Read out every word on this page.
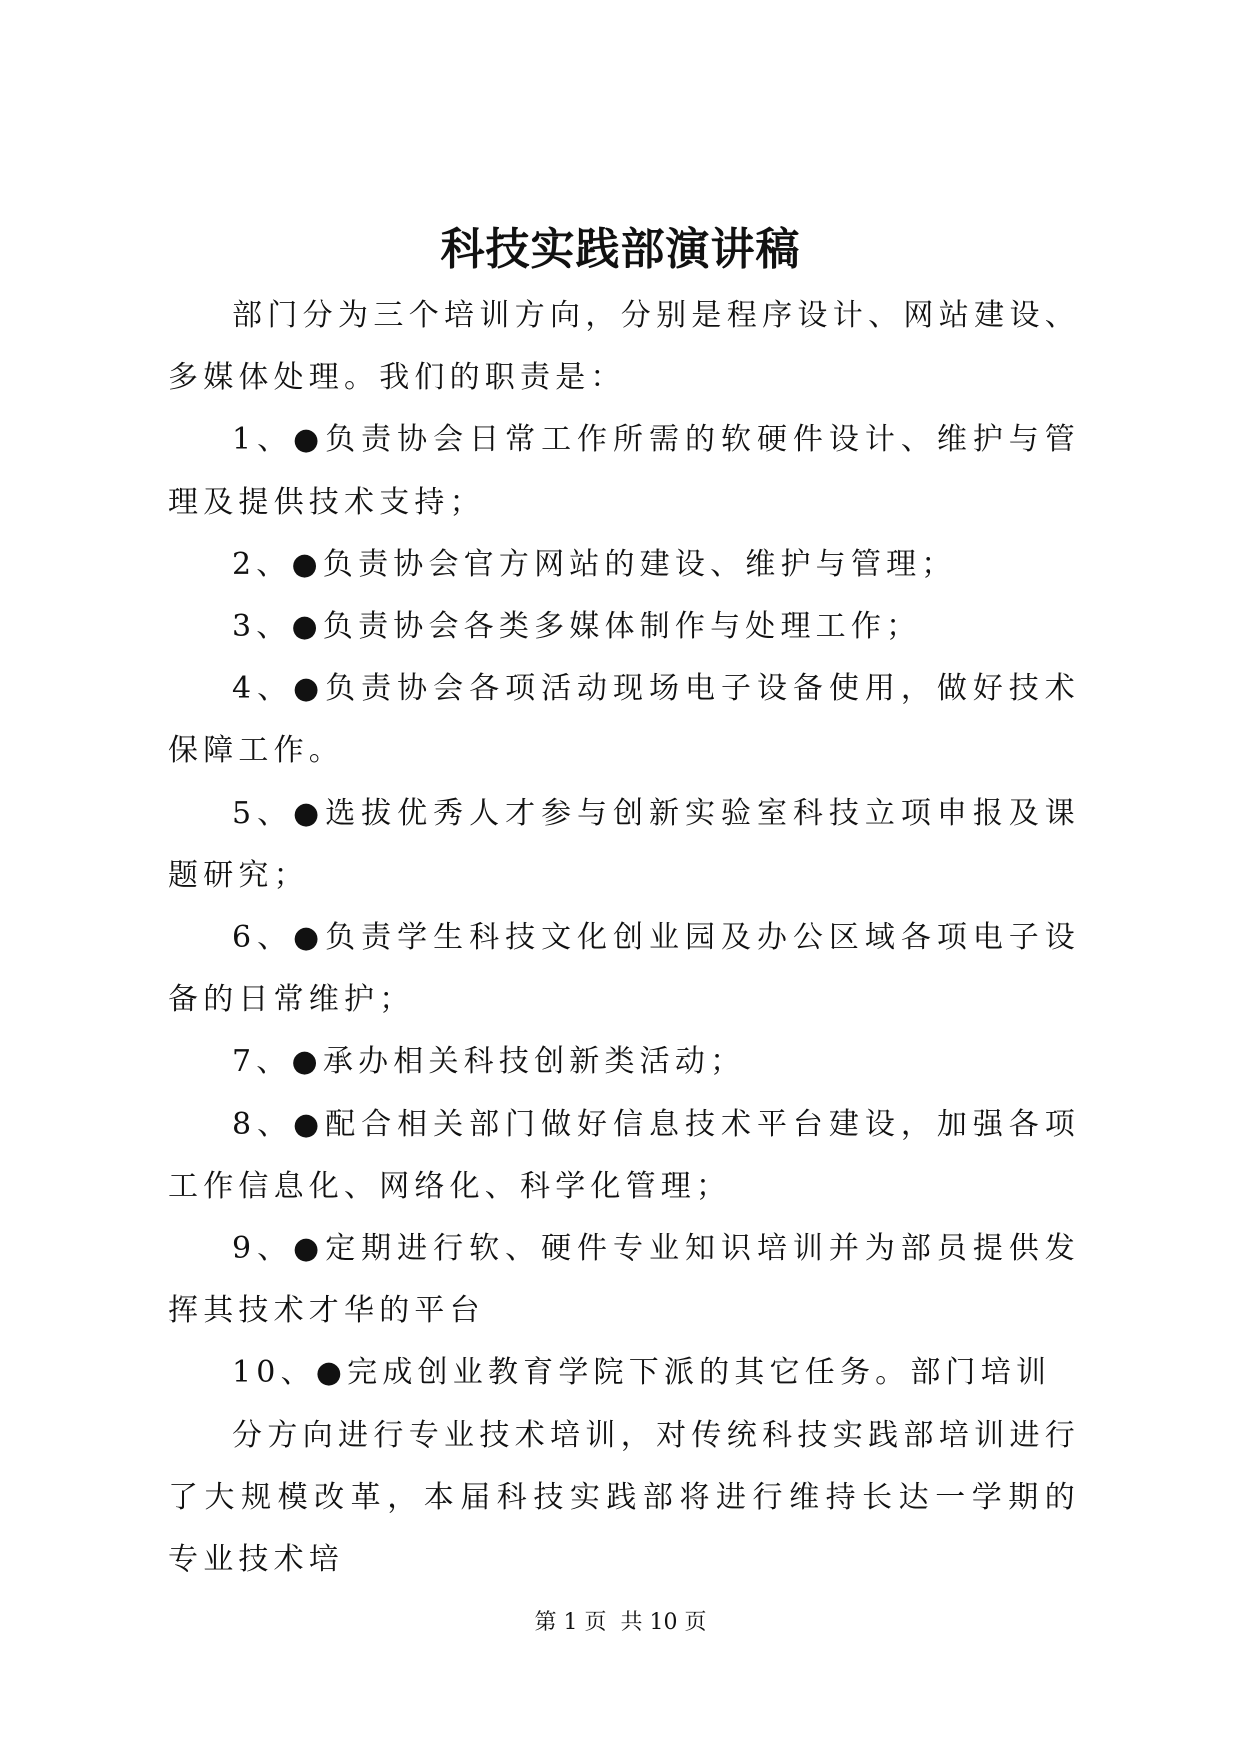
科技实践部演讲稿

部门分为三个培训方向，分别是程序设计、网站建设、多媒体处理。我们的职责是：

1、●负责协会日常工作所需的软硬件设计、维护与管理及提供技术支持；

2、●负责协会官方网站的建设、维护与管理；

3、●负责协会各类多媒体制作与处理工作；

4、●负责协会各项活动现场电子设备使用，做好技术保障工作。

5、●选拔优秀人才参与创新实验室科技立项申报及课题研究；

6、●负责学生科技文化创业园及办公区域各项电子设备的日常维护；

7、●承办相关科技创新类活动；

8、●配合相关部门做好信息技术平台建设，加强各项工作信息化、网络化、科学化管理；

9、●定期进行软、硬件专业知识培训并为部员提供发挥其技术才华的平台

10、●完成创业教育学院下派的其它任务。部门培训

分方向进行专业技术培训，对传统科技实践部培训进行了大规模改革，本届科技实践部将进行维持长达一学期的专业技术培

第 1 页 共 10 页
